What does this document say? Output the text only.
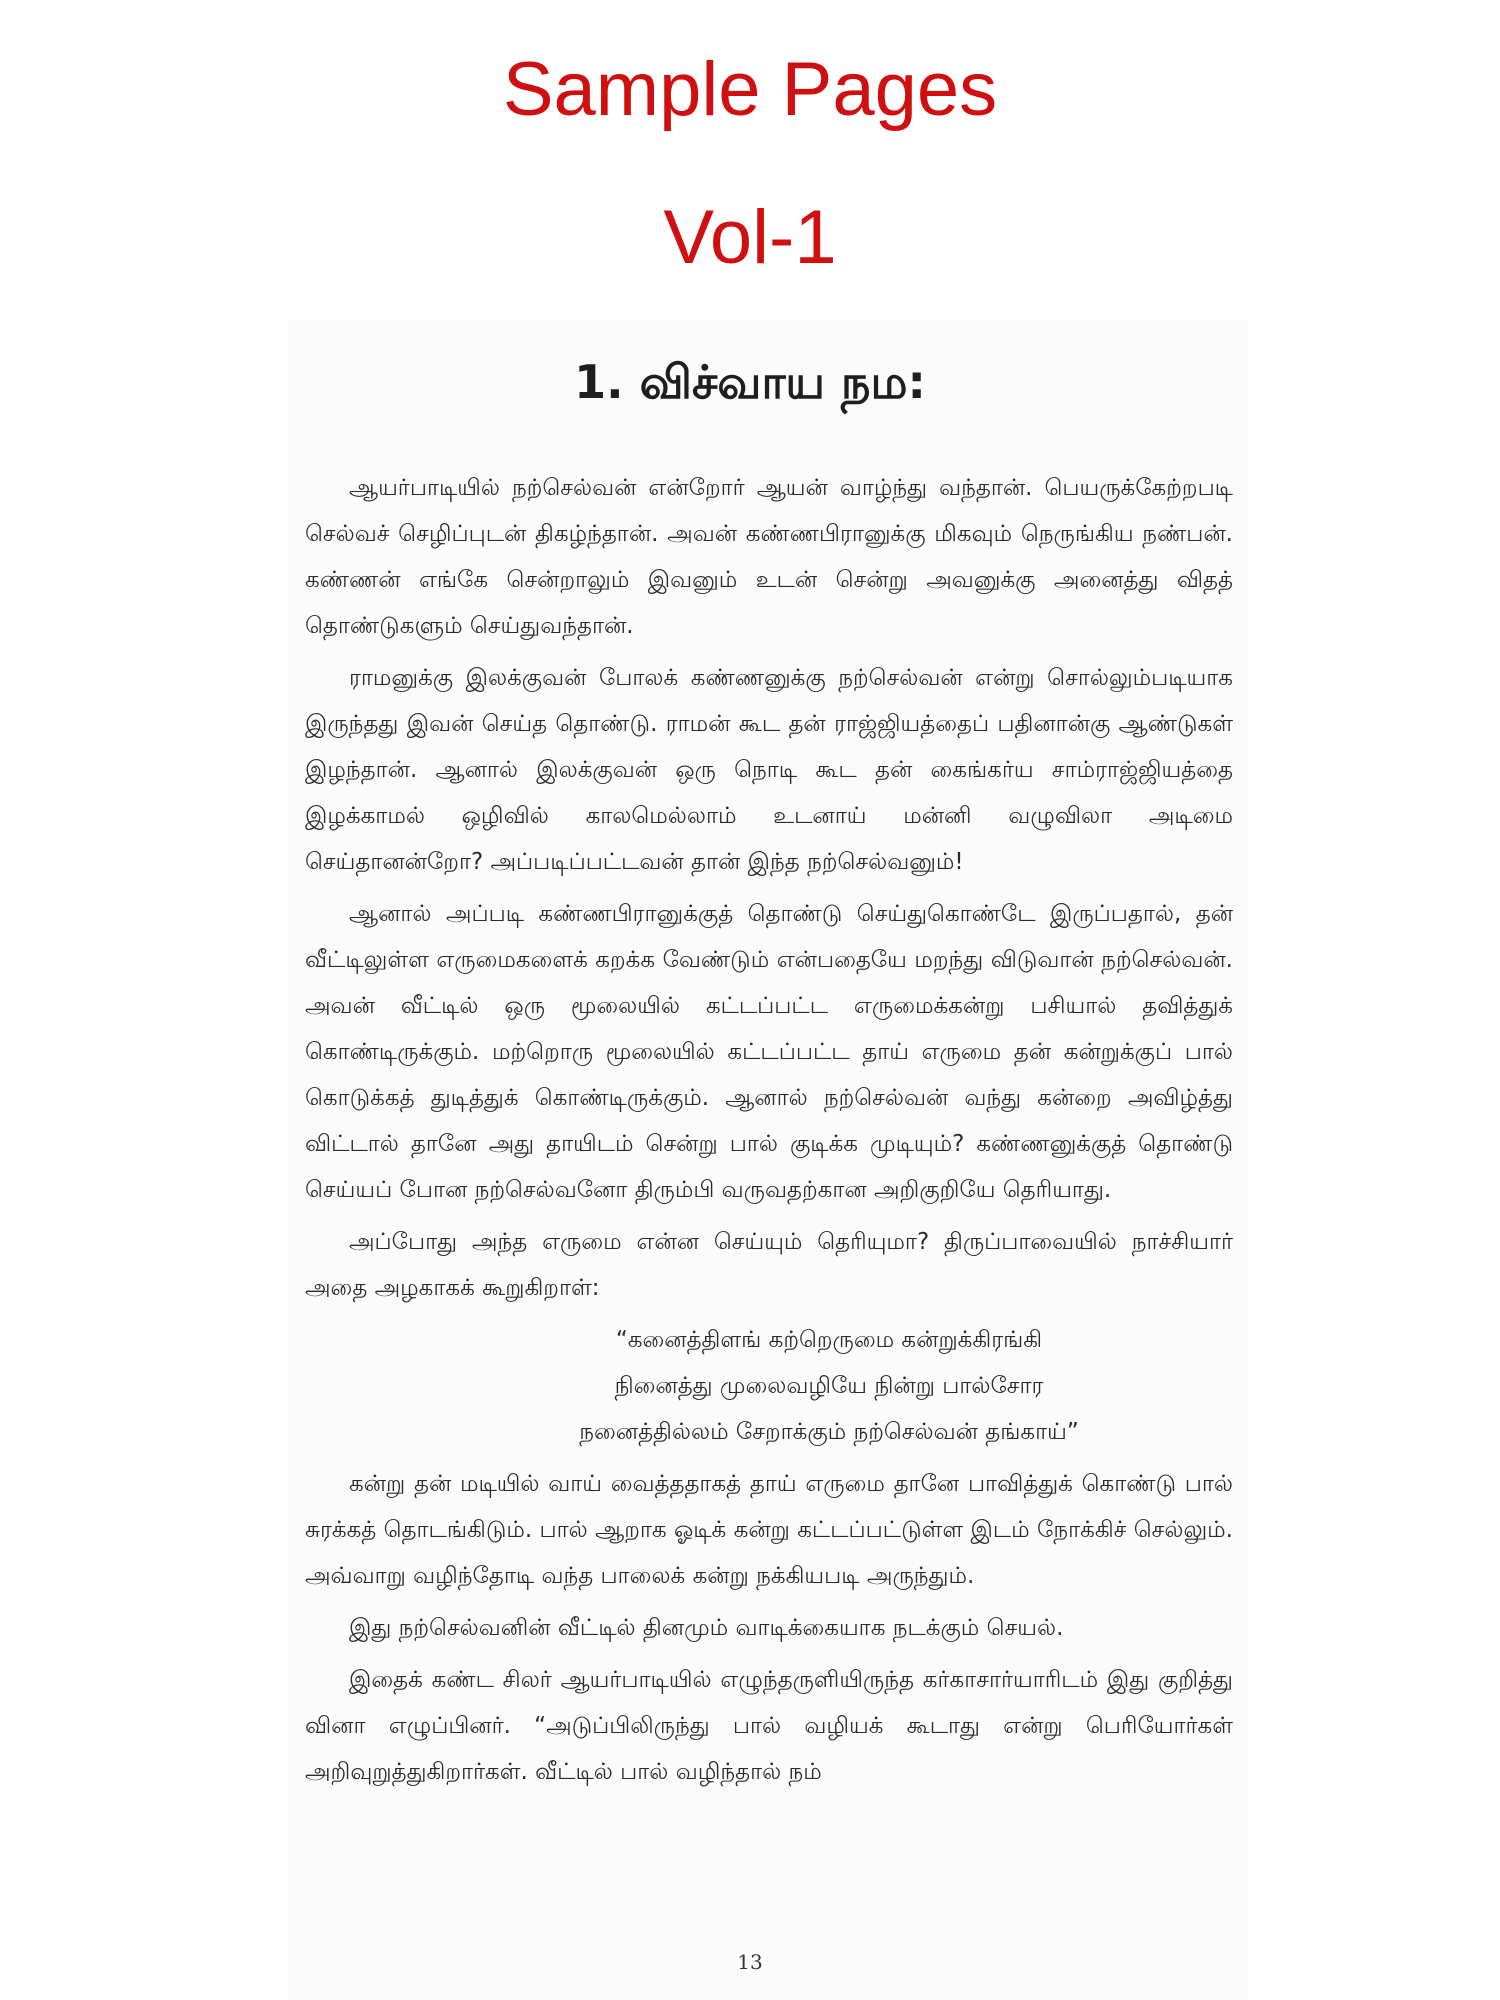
Sample Pages
Vol-1
1. விச்வாய நம:

ஆயர்பாடியில் நற்செல்வன் என்றோர் ஆயன் வாழ்ந்து வந்தான். பெயருக்கேற்றபடி செல்வச் செழிப்புடன் திகழ்ந்தான். அவன் கண்ணபிரானுக்கு மிகவும் நெருங்கிய நண்பன். கண்ணன் எங்கே சென்றாலும் இவனும் உடன் சென்று அவனுக்கு அனைத்து விதத் தொண்டுகளும் செய்துவந்தான்.

ராமனுக்கு இலக்குவன் போலக் கண்ணனுக்கு நற்செல்வன் என்று சொல்லும்படியாக இருந்தது இவன் செய்த தொண்டு. ராமன் கூட தன் ராஜ்ஜியத்தைப் பதினான்கு ஆண்டுகள் இழந்தான். ஆனால் இலக்குவன் ஒரு நொடி கூட தன் கைங்கர்ய சாம்ராஜ்ஜியத்தை இழக்காமல் ஒழிவில் காலமெல்லாம் உடனாய் மன்னி வழுவிலா அடிமை செய்தானன்றோ? அப்படிப்பட்டவன் தான் இந்த நற்செல்வனும்!

ஆனால் அப்படி கண்ணபிரானுக்குத் தொண்டு செய்துகொண்டே இருப்பதால், தன் வீட்டிலுள்ள எருமைகளைக் கறக்க வேண்டும் என்பதையே மறந்து விடுவான் நற்செல்வன். அவன் வீட்டில் ஒரு மூலையில் கட்டப்பட்ட எருமைக்கன்று பசியால் தவித்துக் கொண்டிருக்கும். மற்றொரு மூலையில் கட்டப்பட்ட தாய் எருமை தன் கன்றுக்குப் பால் கொடுக்கத் துடித்துக் கொண்டிருக்கும். ஆனால் நற்செல்வன் வந்து கன்றை அவிழ்த்து விட்டால் தானே அது தாயிடம் சென்று பால் குடிக்க முடியும்? கண்ணனுக்குத் தொண்டு செய்யப் போன நற்செல்வனோ திரும்பி வருவதற்கான அறிகுறியே தெரியாது.

அப்போது அந்த எருமை என்ன செய்யும் தெரியுமா? திருப்பாவையில் நாச்சியார் அதை அழகாகக் கூறுகிறாள்:

“கனைத்திளங் கற்றெருமை கன்றுக்கிரங்கி
நினைத்து முலைவழியே நின்று பால்சோர
நனைத்தில்லம் சேறாக்கும் நற்செல்வன் தங்காய்”

கன்று தன் மடியில் வாய் வைத்ததாகத் தாய் எருமை தானே பாவித்துக் கொண்டு பால் சுரக்கத் தொடங்கிடும். பால் ஆறாக ஓடிக் கன்று கட்டப்பட்டுள்ள இடம் நோக்கிச் செல்லும். அவ்வாறு வழிந்தோடி வந்த பாலைக் கன்று நக்கியபடி அருந்தும்.

இது நற்செல்வனின் வீட்டில் தினமும் வாடிக்கையாக நடக்கும் செயல்.

இதைக் கண்ட சிலர் ஆயர்பாடியில் எழுந்தருளியிருந்த கர்காசார்யாரிடம் இது குறித்து வினா எழுப்பினர். “அடுப்பிலிருந்து பால் வழியக் கூடாது என்று பெரியோர்கள் அறிவுறுத்துகிறார்கள். வீட்டில் பால் வழிந்தால் நம்

13
